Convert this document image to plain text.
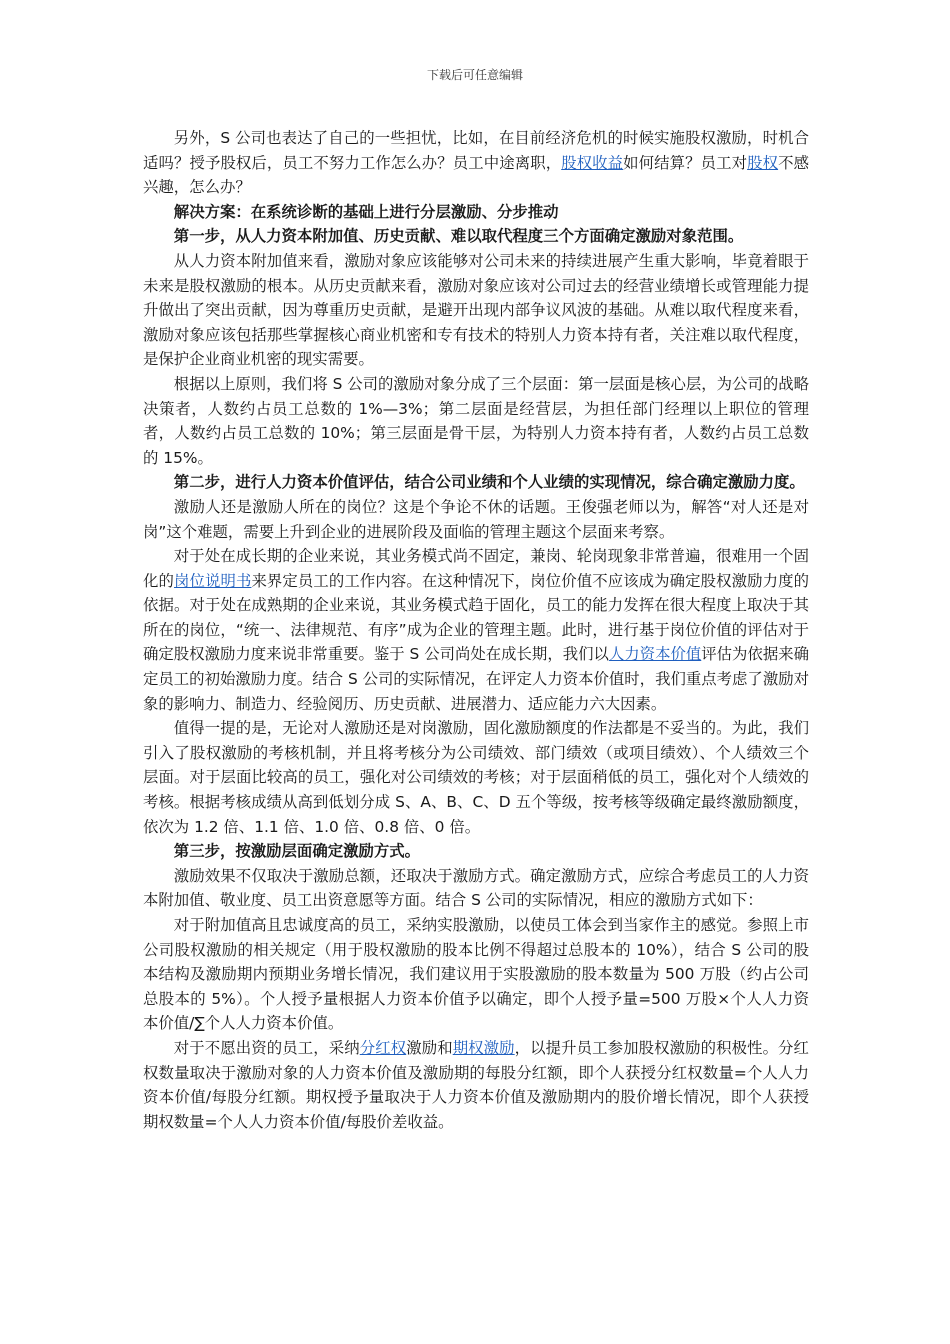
下载后可任意编辑

另外，S 公司也表达了自己的一些担忧，比如，在目前经济危机的时候实施股权激励，时机合适吗？授予股权后，员工不努力工作怎么办？员工中途离职，股权收益如何结算？员工对股权不感兴趣，怎么办？

解决方案：在系统诊断的基础上进行分层激励、分步推动

第一步，从人力资本附加值、历史贡献、难以取代程度三个方面确定激励对象范围。

从人力资本附加值来看，激励对象应该能够对公司未来的持续进展产生重大影响，毕竟着眼于未来是股权激励的根本。从历史贡献来看，激励对象应该对公司过去的经营业绩增长或管理能力提升做出了突出贡献，因为尊重历史贡献，是避开出现内部争议风波的基础。从难以取代程度来看，激励对象应该包括那些掌握核心商业机密和专有技术的特别人力资本持有者，关注难以取代程度，是保护企业商业机密的现实需要。

根据以上原则，我们将 S 公司的激励对象分成了三个层面：第一层面是核心层，为公司的战略决策者，人数约占员工总数的 1%—3%；第二层面是经营层，为担任部门经理以上职位的管理者，人数约占员工总数的 10%；第三层面是骨干层，为特别人力资本持有者，人数约占员工总数的 15%。

第二步，进行人力资本价值评估，结合公司业绩和个人业绩的实现情况，综合确定激励力度。

激励人还是激励人所在的岗位？这是个争论不休的话题。王俊强老师以为，解答“对人还是对岗”这个难题，需要上升到企业的进展阶段及面临的管理主题这个层面来考察。

对于处在成长期的企业来说，其业务模式尚不固定，兼岗、轮岗现象非常普遍，很难用一个固化的岗位说明书来界定员工的工作内容。在这种情况下，岗位价值不应该成为确定股权激励力度的依据。对于处在成熟期的企业来说，其业务模式趋于固化，员工的能力发挥在很大程度上取决于其所在的岗位，“统一、法律规范、有序”成为企业的管理主题。此时，进行基于岗位价值的评估对于确定股权激励力度来说非常重要。鉴于 S 公司尚处在成长期，我们以人力资本价值评估为依据来确定员工的初始激励力度。结合 S 公司的实际情况，在评定人力资本价值时，我们重点考虑了激励对象的影响力、制造力、经验阅历、历史贡献、进展潜力、适应能力六大因素。

值得一提的是，无论对人激励还是对岗激励，固化激励额度的作法都是不妥当的。为此，我们引入了股权激励的考核机制，并且将考核分为公司绩效、部门绩效（或项目绩效）、个人绩效三个层面。对于层面比较高的员工，强化对公司绩效的考核；对于层面稍低的员工，强化对个人绩效的考核。根据考核成绩从高到低划分成 S、A、B、C、D 五个等级，按考核等级确定最终激励额度，依次为 1.2 倍、1.1 倍、1.0 倍、0.8 倍、0 倍。

第三步，按激励层面确定激励方式。

激励效果不仅取决于激励总额，还取决于激励方式。确定激励方式，应综合考虑员工的人力资本附加值、敬业度、员工出资意愿等方面。结合 S 公司的实际情况，相应的激励方式如下：

对于附加值高且忠诚度高的员工，采纳实股激励，以使员工体会到当家作主的感觉。参照上市公司股权激励的相关规定（用于股权激励的股本比例不得超过总股本的 10%），结合 S 公司的股本结构及激励期内预期业务增长情况，我们建议用于实股激励的股本数量为 500 万股（约占公司总股本的 5%）。个人授予量根据人力资本价值予以确定，即个人授予量=500 万股×个人人力资本价值/∑个人人力资本价值。

对于不愿出资的员工，采纳分红权激励和期权激励，以提升员工参加股权激励的积极性。分红权数量取决于激励对象的人力资本价值及激励期的每股分红额，即个人获授分红权数量=个人人力资本价值/每股分红额。期权授予量取决于人力资本价值及激励期内的股价增长情况，即个人获授期权数量=个人人力资本价值/每股价差收益。
